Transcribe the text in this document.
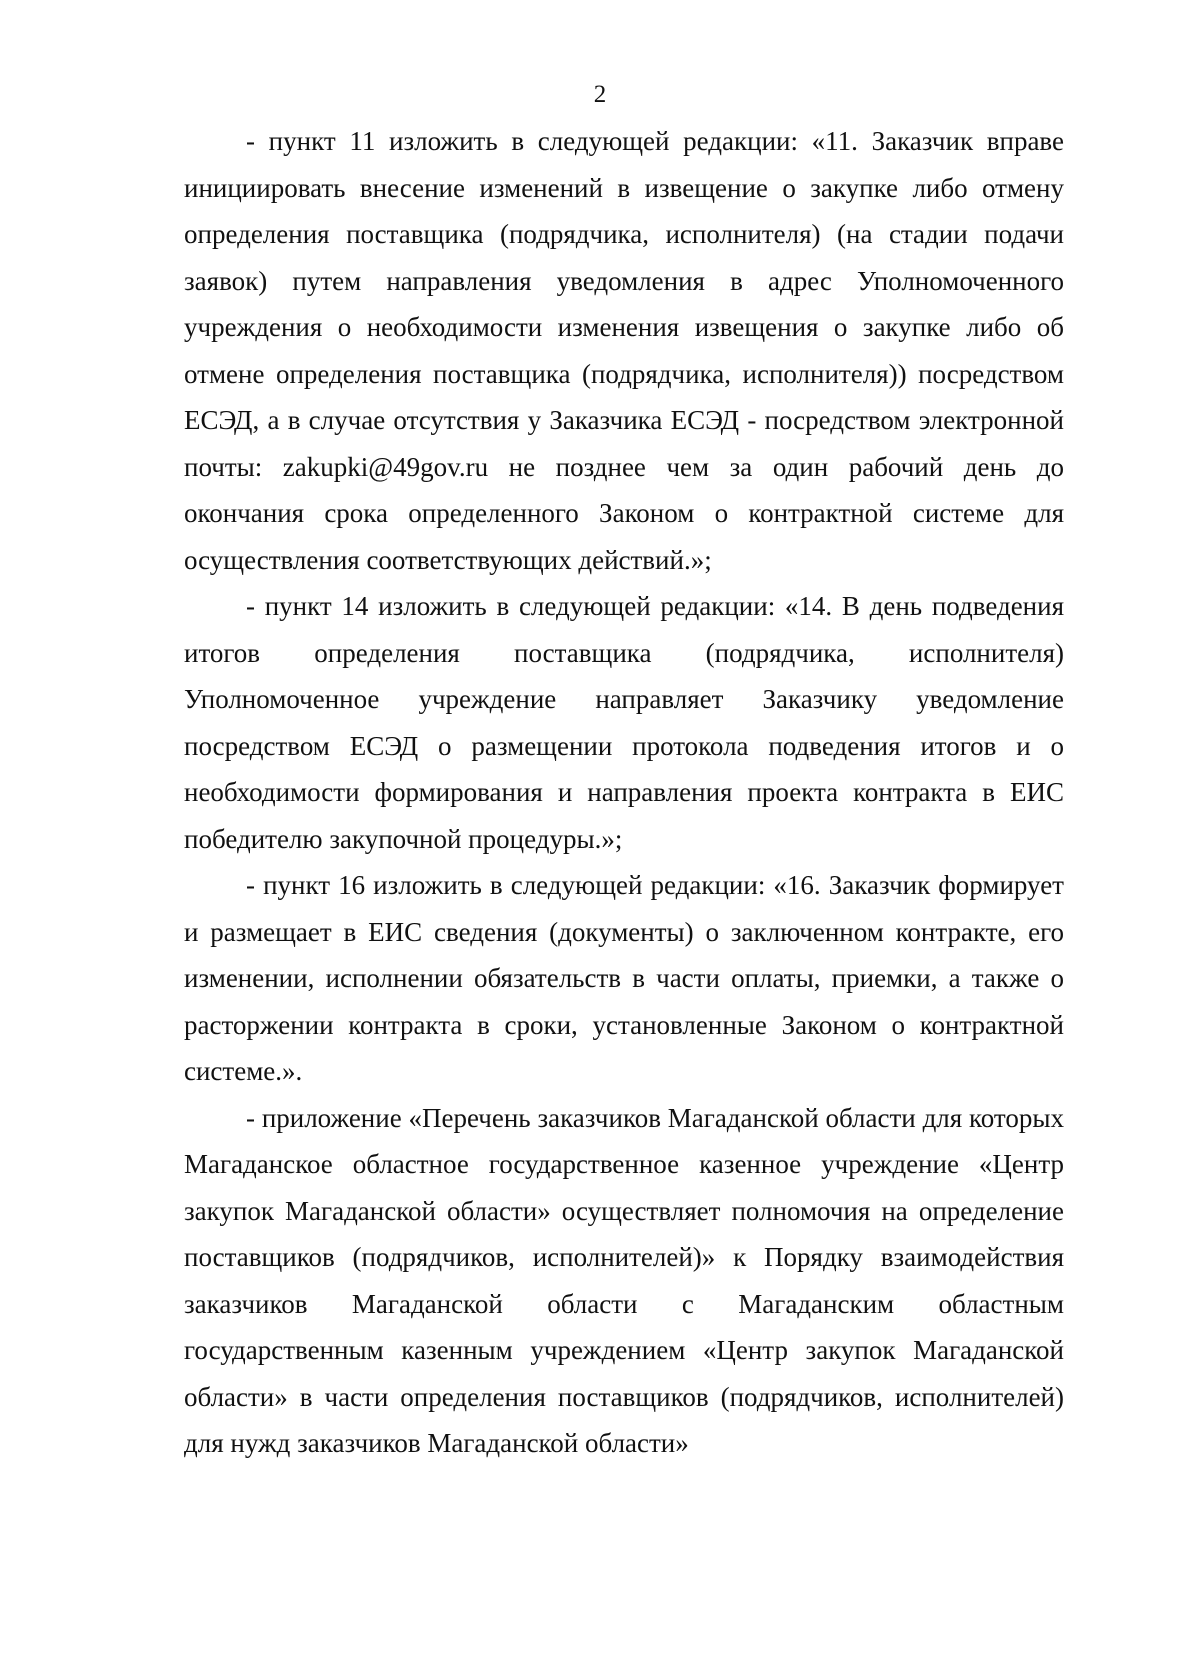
2

- пункт 11 изложить в следующей редакции: «11. Заказчик вправе инициировать внесение изменений в извещение о закупке либо отмену определения поставщика (подрядчика, исполнителя) (на стадии подачи заявок) путем направления уведомления в адрес Уполномоченного учреждения о необходимости изменения извещения о закупке либо об отмене определения поставщика (подрядчика, исполнителя)) посредством ЕСЭД, а в случае отсутствия у Заказчика ЕСЭД - посредством электронной почты: zakupki@49gov.ru не позднее чем за один рабочий день до окончания срока определенного Законом о контрактной системе для осуществления соответствующих действий.»;

- пункт 14 изложить в следующей редакции: «14. В день подведения итогов определения поставщика (подрядчика, исполнителя) Уполномоченное учреждение направляет Заказчику уведомление посредством ЕСЭД о размещении протокола подведения итогов и о необходимости формирования и направления проекта контракта в ЕИС победителю закупочной процедуры.»;

- пункт 16 изложить в следующей редакции: «16. Заказчик формирует и размещает в ЕИС сведения (документы) о заключенном контракте, его изменении, исполнении обязательств в части оплаты, приемки, а также о расторжении контракта в сроки, установленные Законом о контрактной системе.».

- приложение «Перечень заказчиков Магаданской области для которых Магаданское областное государственное казенное учреждение «Центр закупок Магаданской области» осуществляет полномочия на определение поставщиков (подрядчиков, исполнителей)» к Порядку взаимодействия заказчиков Магаданской области с Магаданским областным государственным казенным учреждением «Центр закупок Магаданской области» в части определения поставщиков (подрядчиков, исполнителей) для нужд заказчиков Магаданской области»
